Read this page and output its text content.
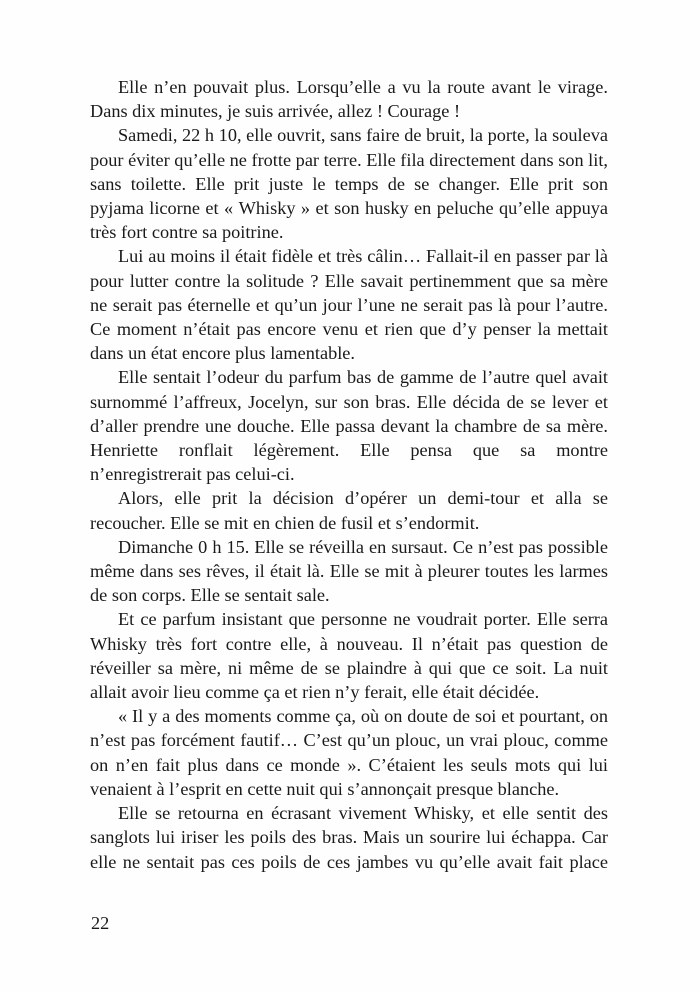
Elle n’en pouvait plus. Lorsqu’elle a vu la route avant le virage. Dans dix minutes, je suis arrivée, allez ! Courage !

Samedi, 22 h 10, elle ouvrit, sans faire de bruit, la porte, la souleva pour éviter qu’elle ne frotte par terre. Elle fila directement dans son lit, sans toilette. Elle prit juste le temps de se changer. Elle prit son pyjama licorne et « Whisky » et son husky en peluche qu’elle appuya très fort contre sa poitrine.

Lui au moins il était fidèle et très câlin… Fallait-il en passer par là pour lutter contre la solitude ? Elle savait pertinemment que sa mère ne serait pas éternelle et qu’un jour l’une ne serait pas là pour l’autre. Ce moment n’était pas encore venu et rien que d’y penser la mettait dans un état encore plus lamentable.

Elle sentait l’odeur du parfum bas de gamme de l’autre quel avait surnommé l’affreux, Jocelyn, sur son bras. Elle décida de se lever et d’aller prendre une douche. Elle passa devant la chambre de sa mère. Henriette ronflait légèrement. Elle pensa que sa montre n’enregistrerait pas celui-ci.

Alors, elle prit la décision d’opérer un demi-tour et alla se recoucher. Elle se mit en chien de fusil et s’endormit.

Dimanche 0 h 15. Elle se réveilla en sursaut. Ce n’est pas possible même dans ses rêves, il était là. Elle se mit à pleurer toutes les larmes de son corps. Elle se sentait sale.

Et ce parfum insistant que personne ne voudrait porter. Elle serra Whisky très fort contre elle, à nouveau. Il n’était pas question de réveiller sa mère, ni même de se plaindre à qui que ce soit. La nuit allait avoir lieu comme ça et rien n’y ferait, elle était décidée.

« Il y a des moments comme ça, où on doute de soi et pourtant, on n’est pas forcément fautif… C’est qu’un plouc, un vrai plouc, comme on n’en fait plus dans ce monde ». C’étaient les seuls mots qui lui venaient à l’esprit en cette nuit qui s’annonçait presque blanche.

Elle se retourna en écrasant vivement Whisky, et elle sentit des sanglots lui iriser les poils des bras. Mais un sourire lui échappa. Car elle ne sentait pas ces poils de ces jambes vu qu’elle avait fait place

22
